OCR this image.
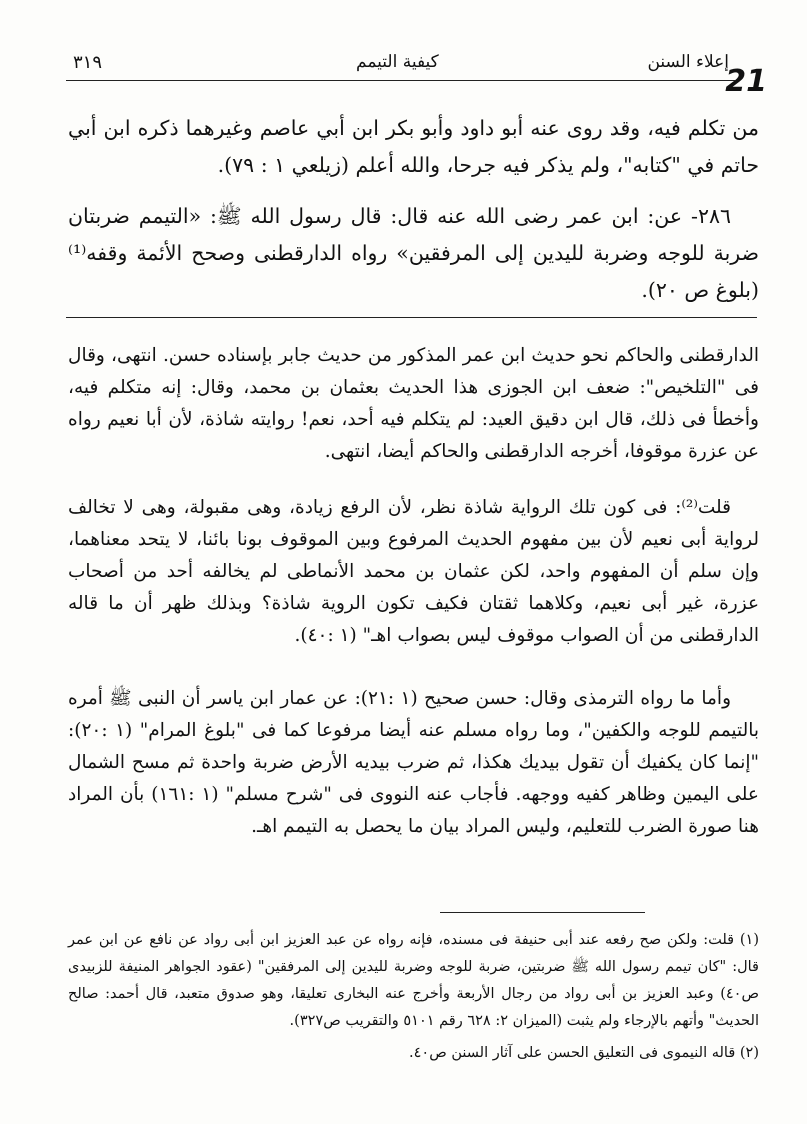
21
إعلاء السنن
كيفية التيمم
٣١٩
من تكلم فيه، وقد روى عنه أبو داود وأبو بكر ابن أبي عاصم وغيرهما ذكره ابن أبي حاتم في "كتابه"، ولم يذكر فيه جرحا، والله أعلم (زيلعي ١ : ٧٩).
٢٨٦- عن: ابن عمر رضى الله عنه قال: قال رسول الله ﷺ: «التيمم ضربتان ضربة للوجه وضربة لليدين إلى المرفقين» رواه الدارقطنى وصحح الأئمة وقفه⁽¹⁾ (بلوغ ص ٢٠).
الدارقطنى والحاكم نحو حديث ابن عمر المذكور من حديث جابر بإسناده حسن. انتهى، وقال فى "التلخيص": ضعف ابن الجوزى هذا الحديث بعثمان بن محمد، وقال: إنه متكلم فيه، وأخطأ فى ذلك، قال ابن دقيق العيد: لم يتكلم فيه أحد، نعم! روايته شاذة، لأن أبا نعيم رواه عن عزرة موقوفا، أخرجه الدارقطنى والحاكم أيضا، انتهى.
قلت⁽²⁾: فى كون تلك الرواية شاذة نظر، لأن الرفع زيادة، وهى مقبولة، وهى لا تخالف لرواية أبى نعيم لأن بين مفهوم الحديث المرفوع وبين الموقوف بونا بائنا، لا يتحد معناهما، وإن سلم أن المفهوم واحد، لكن عثمان بن محمد الأنماطى لم يخالفه أحد من أصحاب عزرة، غير أبى نعيم، وكلاهما ثقتان فكيف تكون الروية شاذة؟ وبذلك ظهر أن ما قاله الدارقطنى من أن الصواب موقوف ليس بصواب اهـ" (١ :٤٠).
وأما ما رواه الترمذى وقال: حسن صحيح (١ :٢١): عن عمار ابن ياسر أن النبى ﷺ أمره بالتيمم للوجه والكفين"، وما رواه مسلم عنه أيضا مرفوعا كما فى "بلوغ المرام" (١ :٢٠): "إنما كان يكفيك أن تقول بيديك هكذا، ثم ضرب بيديه الأرض ضربة واحدة ثم مسح الشمال على اليمين وظاهر كفيه ووجهه. فأجاب عنه النووى فى "شرح مسلم" (١ :١٦١) بأن المراد هنا صورة الضرب للتعليم، وليس المراد بيان ما يحصل به التيمم اهـ.
(١) قلت: ولكن صح رفعه عند أبى حنيفة فى مسنده، فإنه رواه عن عبد العزيز ابن أبى رواد عن نافع عن ابن عمر قال: "كان تيمم رسول الله ﷺ ضربتين، ضربة للوجه وضربة لليدين إلى المرفقين" (عقود الجواهر المنيفة للزبيدى ص٤٠) وعبد العزيز بن أبى رواد من رجال الأربعة وأخرج عنه البخارى تعليقا، وهو صدوق متعبد، قال أحمد: صالح الحديث" وأتهم بالإرجاء ولم يثبت (الميزان ٢: ٦٢٨ رقم ٥١٠١ والتقريب ص٣٢٧).
(٢) قاله النيموى فى التعليق الحسن على آثار السنن ص٤٠.
